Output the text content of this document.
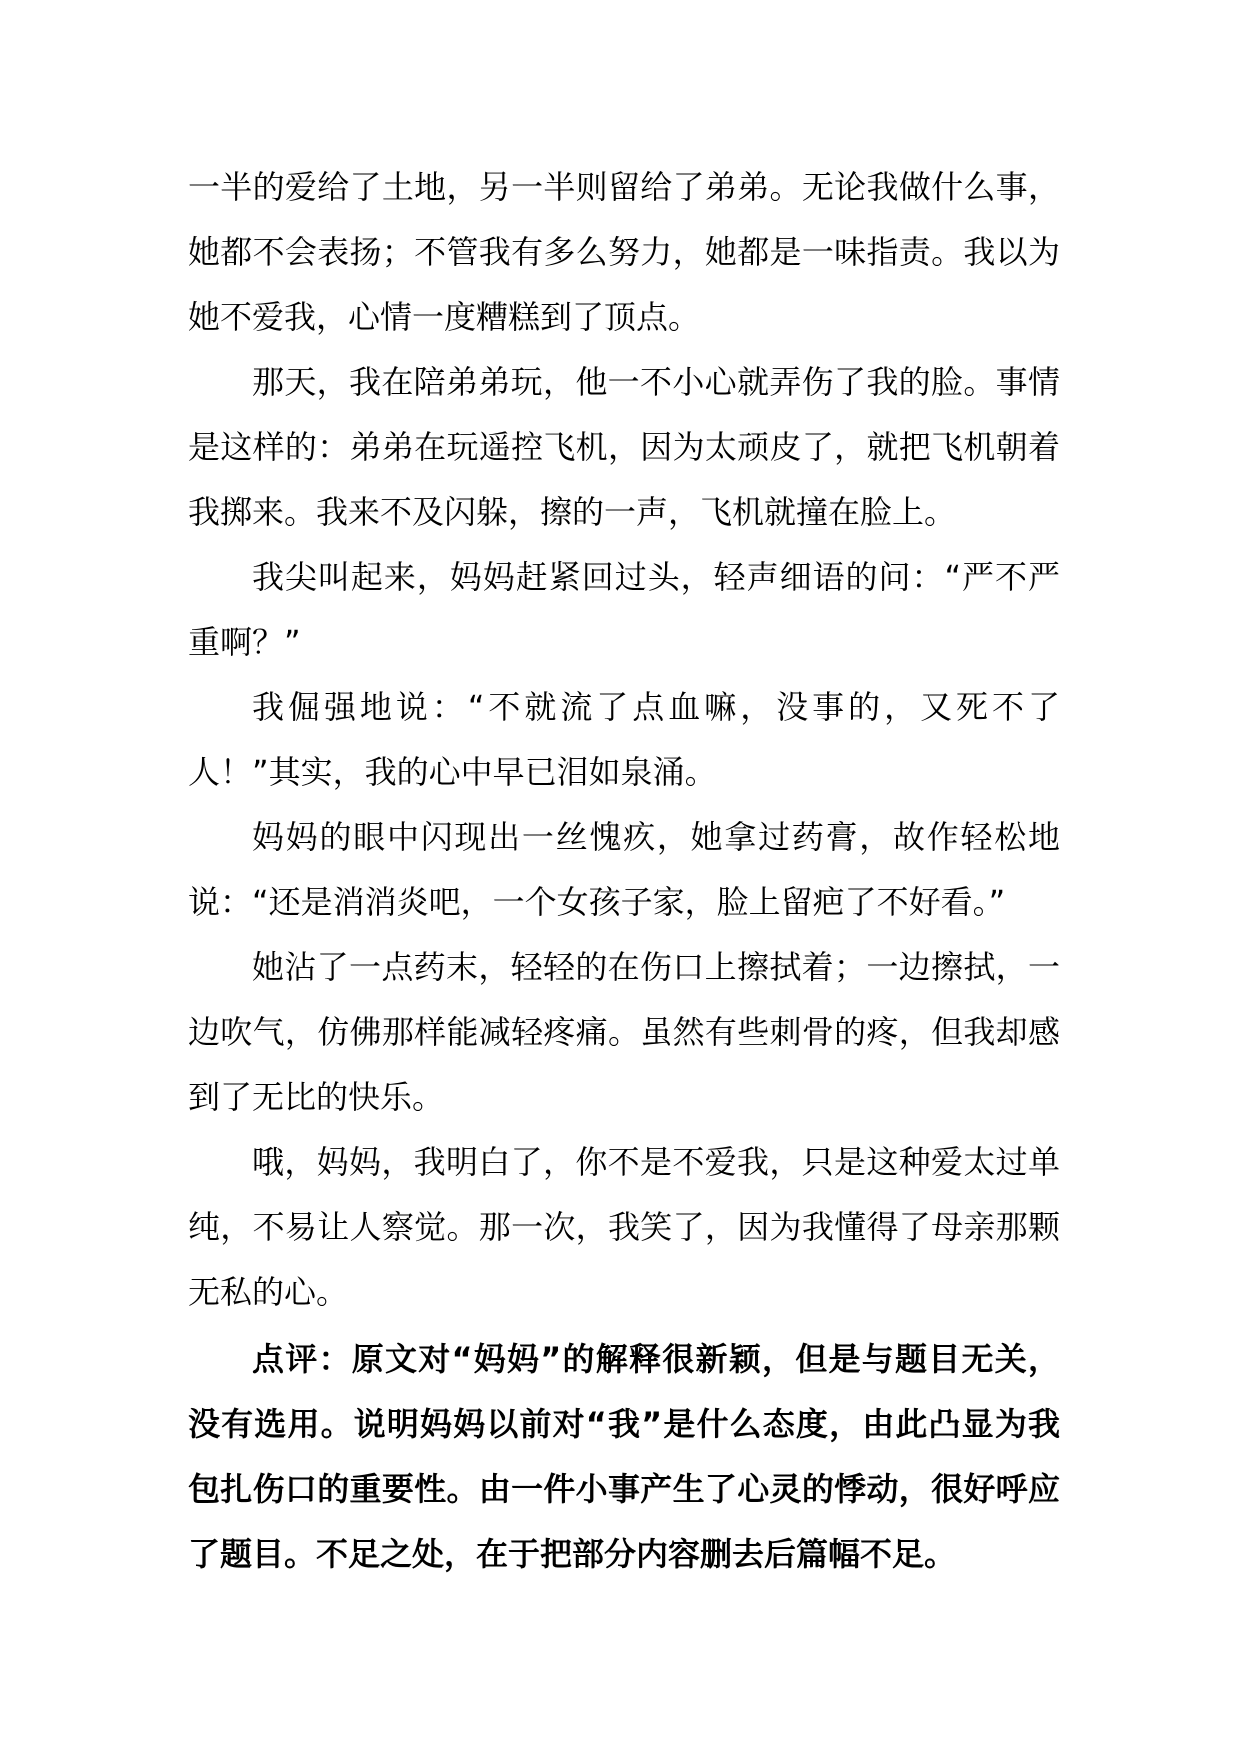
一半的爱给了土地，另一半则留给了弟弟。无论我做什么事，她都不会表扬；不管我有多么努力，她都是一味指责。我以为她不爱我，心情一度糟糕到了顶点。

那天，我在陪弟弟玩，他一不小心就弄伤了我的脸。事情是这样的：弟弟在玩遥控飞机，因为太顽皮了，就把飞机朝着我掷来。我来不及闪躲，擦的一声，飞机就撞在脸上。

我尖叫起来，妈妈赶紧回过头，轻声细语的问：“严不严重啊？”

我倔强地说：“不就流了点血嘛，没事的，又死不了人！”其实，我的心中早已泪如泉涌。

妈妈的眼中闪现出一丝愧疚，她拿过药膏，故作轻松地说：“还是消消炎吧，一个女孩子家，脸上留疤了不好看。”

她沾了一点药末，轻轻的在伤口上擦拭着；一边擦拭，一边吹气，仿佛那样能减轻疼痛。虽然有些刺骨的疼，但我却感到了无比的快乐。

哦，妈妈，我明白了，你不是不爱我，只是这种爱太过单纯，不易让人察觉。那一次，我笑了，因为我懂得了母亲那颗无私的心。

点评：原文对“妈妈”的解释很新颖，但是与题目无关，没有选用。说明妈妈以前对“我”是什么态度，由此凸显为我包扎伤口的重要性。由一件小事产生了心灵的悸动，很好呼应了题目。不足之处，在于把部分内容删去后篇幅不足。
